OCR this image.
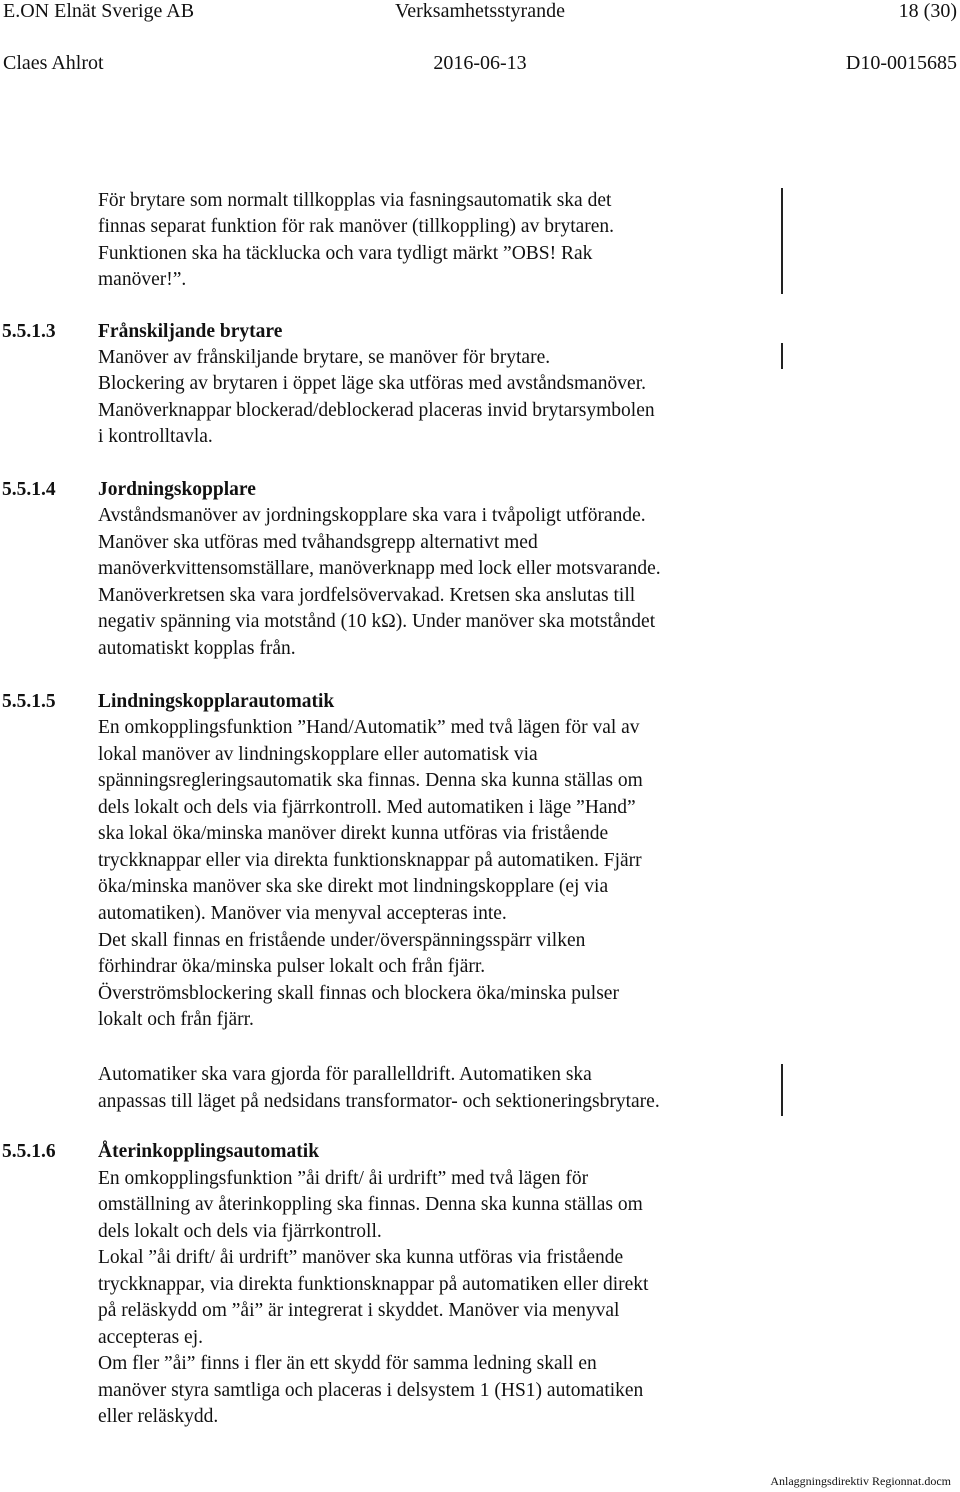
E.ON Elnät Sverige AB	Verksamhetsstyrande	18 (30)
Claes Ahlrot	2016-06-13	D10-0015685
För brytare som normalt tillkopplas via fasningsautomatik ska det
finnas separat funktion för rak manöver (tillkoppling) av brytaren.
Funktionen ska ha täcklucka och vara tydligt märkt ”OBS! Rak
manöver!”.
5.5.1.3 Frånskiljande brytare
Manöver av frånskiljande brytare, se manöver för brytare.
Blockering av brytaren i öppet läge ska utföras med avståndsmanöver.
Manöverknappar blockerad/deblockerad placeras invid brytarsymbolen
i kontrolltavla.
5.5.1.4 Jordningskopplare
Avståndsmanöver av jordningskopplare ska vara i tvåpoligt utförande.
Manöver ska utföras med tvåhandsgrepp alternativt med
manöverkvittensomställare, manöverknapp med lock eller motsvarande.
Manöverkretsen ska vara jordfelsövervakad. Kretsen ska anslutas till
negativ spänning via motstånd (10 kΩ). Under manöver ska motståndet
automatiskt kopplas från.
5.5.1.5 Lindningskopplarautomatik
En omkopplingsfunktion ”Hand/Automatik” med två lägen för val av
lokal manöver av lindningskopplare eller automatisk via
spänningsregleringsautomatik ska finnas. Denna ska kunna ställas om
dels lokalt och dels via fjärrkontroll. Med automatiken i läge ”Hand”
ska lokal öka/minska manöver direkt kunna utföras via fristående
tryckknappar eller via direkta funktionsknappar på automatiken. Fjärr
öka/minska manöver ska ske direkt mot lindningskopplare (ej via
automatiken). Manöver via menyval accepteras inte.
Det skall finnas en fristående under/överspänningsspärr vilken
förhindrar öka/minska pulser lokalt och från fjärr.
Överströmsblockering skall finnas och blockera öka/minska pulser
lokalt och från fjärr.
Automatiker ska vara gjorda för parallelldrift. Automatiken ska
anpassas till läget på nedsidans transformator- och sektioneringsbrytare.
5.5.1.6 Återinkopplingsautomatik
En omkopplingsfunktion ”åi drift/ åi urdrift” med två lägen för
omställning av återinkoppling ska finnas. Denna ska kunna ställas om
dels lokalt och dels via fjärrkontroll.
Lokal ”åi drift/ åi urdrift” manöver ska kunna utföras via fristående
tryckknappar, via direkta funktionsknappar på automatiken eller direkt
på reläskydd om ”åi” är integrerat i skyddet. Manöver via menyval
accepteras ej.
Om fler ”åi” finns i fler än ett skydd för samma ledning skall en
manöver styra samtliga och placeras i delsystem 1 (HS1) automatiken
eller reläskydd.
Anlaggningsdirektiv Regionnat.docm
